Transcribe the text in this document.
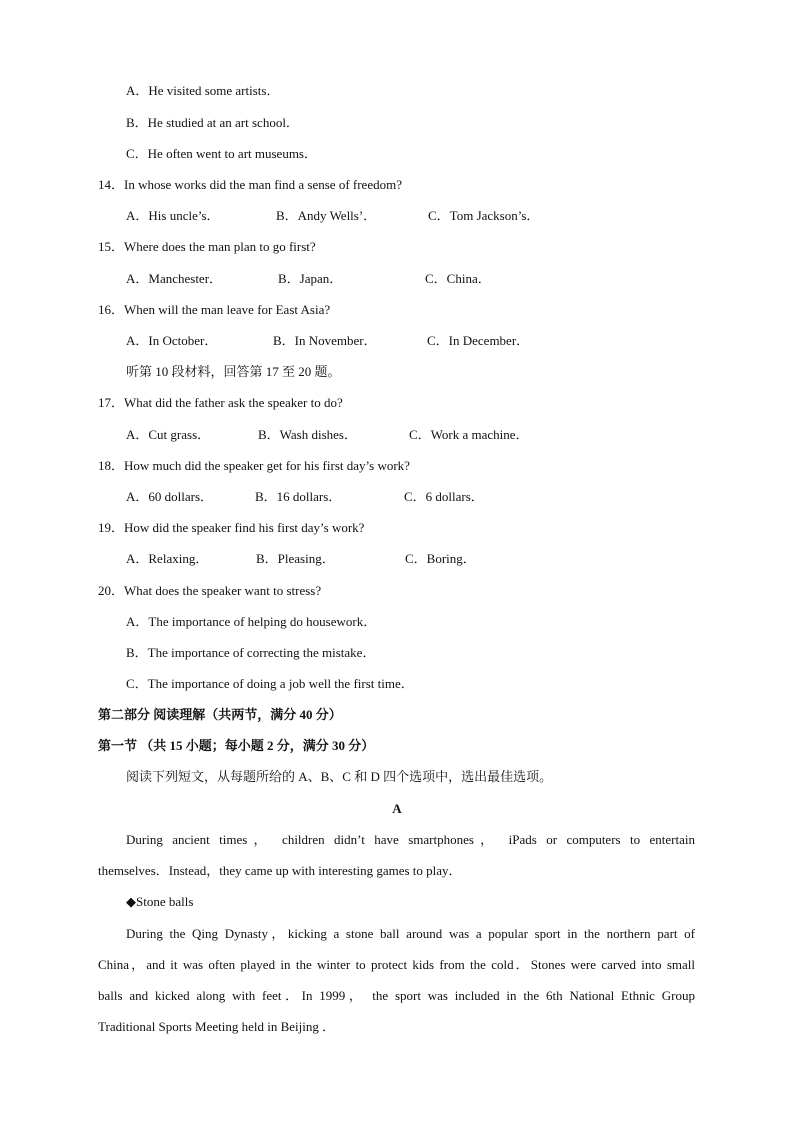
A．He visited some artists．
B．He studied at an art school．
C．He often went to art museums．
14．In whose works did the man find a sense of freedom?
A．His uncle’s．	B．Andy Wells’．	C．Tom Jackson’s．
15．Where does the man plan to go first?
A．Manchester．	B．Japan．	C．China．
16．When will the man leave for East Asia?
A．In October．	B．In November．	C．In December．
听第 10 段材料，回答第 17 至 20 题。
17．What did the father ask the speaker to do?
A．Cut grass．	B．Wash dishes．	C．Work a machine．
18．How much did the speaker get for his first day’s work?
A．60 dollars．	B．16 dollars．	C．6 dollars．
19．How did the speaker find his first day’s work?
A．Relaxing．	B．Pleasing．	C．Boring．
20．What does the speaker want to stress?
A．The importance of helping do housework．
B．The importance of correcting the mistake．
C．The importance of doing a job well the first time．
第二部分 阅读理解（共两节，满分 40 分）
第一节 （共 15 小题；每小题 2 分，满分 30 分）
阅读下列短文，从每题所给的 A、B、C 和 D 四个选项中，选出最佳选项。
A
During ancient times， children didn’t have smartphones， iPads or computers to entertain
themselves．Instead，they came up with interesting games to play．
◆Stone balls
During the Qing Dynasty，kicking a stone ball around was a popular sport in the northern part of
China，and it was often played in the winter to protect kids from the cold．Stones were carved into small
balls and kicked along with feet．In 1999， the sport was included in the 6th National Ethnic Group
Traditional Sports Meeting held in Beijing ．
